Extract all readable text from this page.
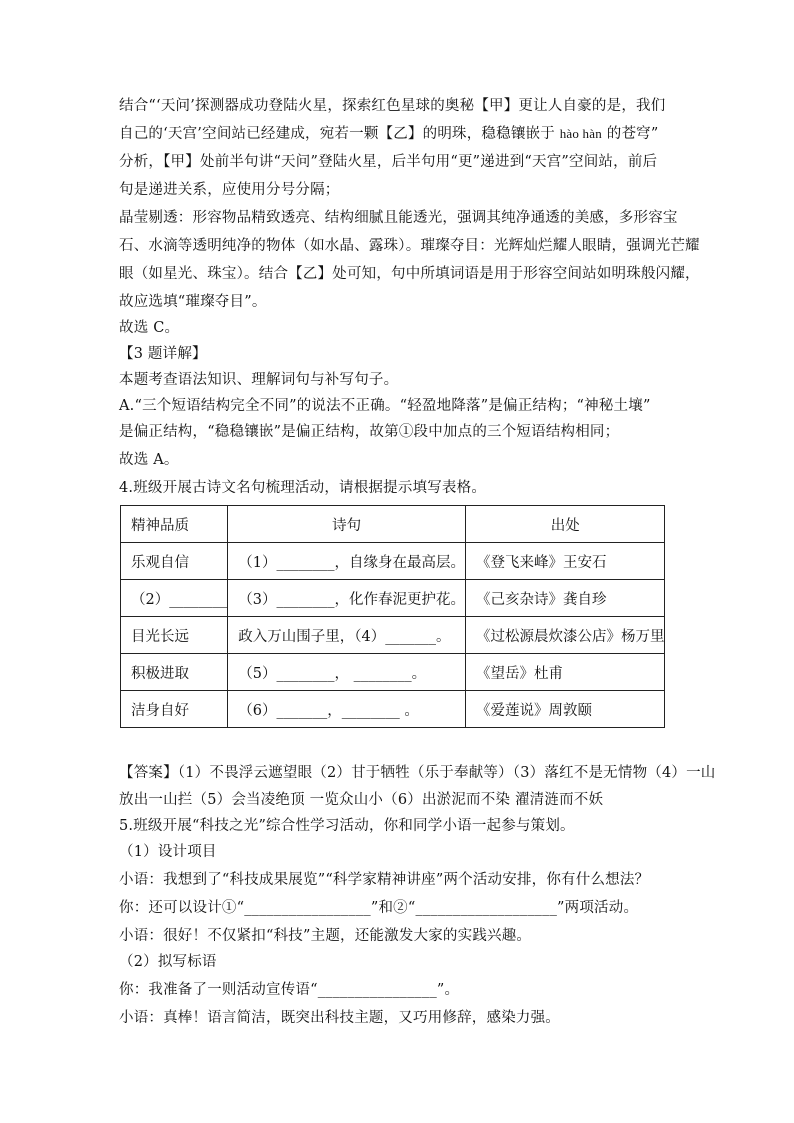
结合“‘天问’探测器成功登陆火星，探索红色星球的奥秘【甲】更让人自豪的是，我们
自己的‘天宫’空间站已经建成，宛若一颗【乙】的明珠，稳稳镶嵌于 hào hàn 的苍穹”
分析，【甲】处前半句讲“天问”登陆火星，后半句用“更”递进到“天宫”空间站，前后
句是递进关系，应使用分号分隔；
晶莹剔透：形容物品精致透亮、结构细腻且能透光，强调其纯净通透的美感，多形容宝
石、水滴等透明纯净的物体（如水晶、露珠）。璀璨夺目：光辉灿烂耀人眼睛，强调光芒耀
眼（如星光、珠宝）。结合【乙】处可知，句中所填词语是用于形容空间站如明珠般闪耀，
故应选填“璀璨夺目”。
故选 C。
【3 题详解】
本题考查语法知识、理解词句与补写句子。
A.“三个短语结构完全不同”的说法不正确。“轻盈地降落”是偏正结构；“神秘土壤”
是偏正结构，“稳稳镶嵌”是偏正结构，故第①段中加点的三个短语结构相同；
故选 A。
4.班级开展古诗文名句梳理活动，请根据提示填写表格。
精神品质	诗句	出处
乐观自信	（1）________，自缘身在最高层。	《登飞来峰》王安石
（2）________	（3）________，化作春泥更护花。	《己亥杂诗》龚自珍
目光长远	政入万山围子里，（4）_______。	《过松源晨炊漆公店》杨万里
积极进取	（5）________， ________。	《望岳》杜甫
洁身自好	（6）_______，________ 。	《爱莲说》周敦颐
【答案】（1）不畏浮云遮望眼（2）甘于牺牲（乐于奉献等）（3）落红不是无情物（4）一山
放出一山拦（5）会当凌绝顶 一览众山小（6）出淤泥而不染 濯清涟而不妖
5.班级开展“科技之光”综合性学习活动，你和同学小语一起参与策划。
（1）设计项目
小语：我想到了“科技成果展览”“科学家精神讲座”两个活动安排，你有什么想法？
你：还可以设计①“_________________”和②“___________________”两项活动。
小语：很好！不仅紧扣“科技”主题，还能激发大家的实践兴趣。
（2）拟写标语
你：我准备了一则活动宣传语“________________”。
小语：真棒！语言简洁，既突出科技主题，又巧用修辞，感染力强。
